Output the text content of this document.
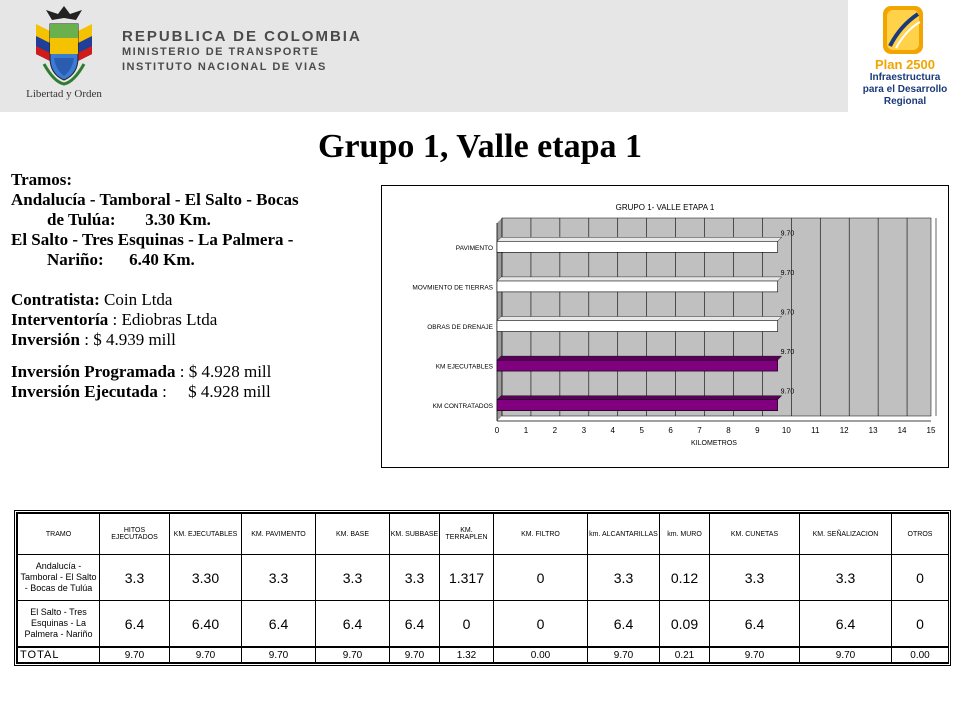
Libertad y Orden
REPUBLICA DE COLOMBIA
MINISTERIO DE TRANSPORTE
INSTITUTO NACIONAL DE VIAS	Plan 2500
Infraestructura
para el Desarrollo
Regional
Grupo 1, Valle etapa 1
Tramos:
Andalucía - Tamboral - El Salto - Bocas
de Tulúa:       3.30 Km.
El Salto - Tres Esquinas - La Palmera -
Nariño:      6.40 Km.
Contratista: Coin Ltda
Interventoría : Ediobras Ltda
Inversión : $ 4.939 mill
Inversión Programada : $ 4.928 mill
Inversión Ejecutada :     $ 4.928 mill
GRUPO 1- VALLE ETAPA 1
0	1	2	3	4	5	6	7	8	9	10	11	12	13	14	15
KILOMETROS
PAVIMENTO
9.70
MOVMIENTO DE TIERRAS
9.70
OBRAS DE DRENAJE
9.70
KM EJECUTABLES
9.70
KM CONTRATADOS
9.70
TRAMO	HITOS EJECUTADOS	KM. EJECUTABLES	KM. PAVIMENTO	KM. BASE	KM. SUBBASE	KM. TERRAPLEN	KM. FILTRO	km. ALCANTARILLAS	km. MURO	KM. CUNETAS	KM. SEÑALIZACION	OTROS
Andalucía - Tamboral - El Salto - Bocas de Tulúa	3.3	3.30	3.3	3.3	3.3	1.317	0	3.3	0.12	3.3	3.3	0
El Salto - Tres Esquinas - La Palmera - Nariño	6.4	6.40	6.4	6.4	6.4	0	0	6.4	0.09	6.4	6.4	0
TOTAL	9.70	9.70	9.70	9.70	9.70	1.32	0.00	9.70	0.21	9.70	9.70	0.00
